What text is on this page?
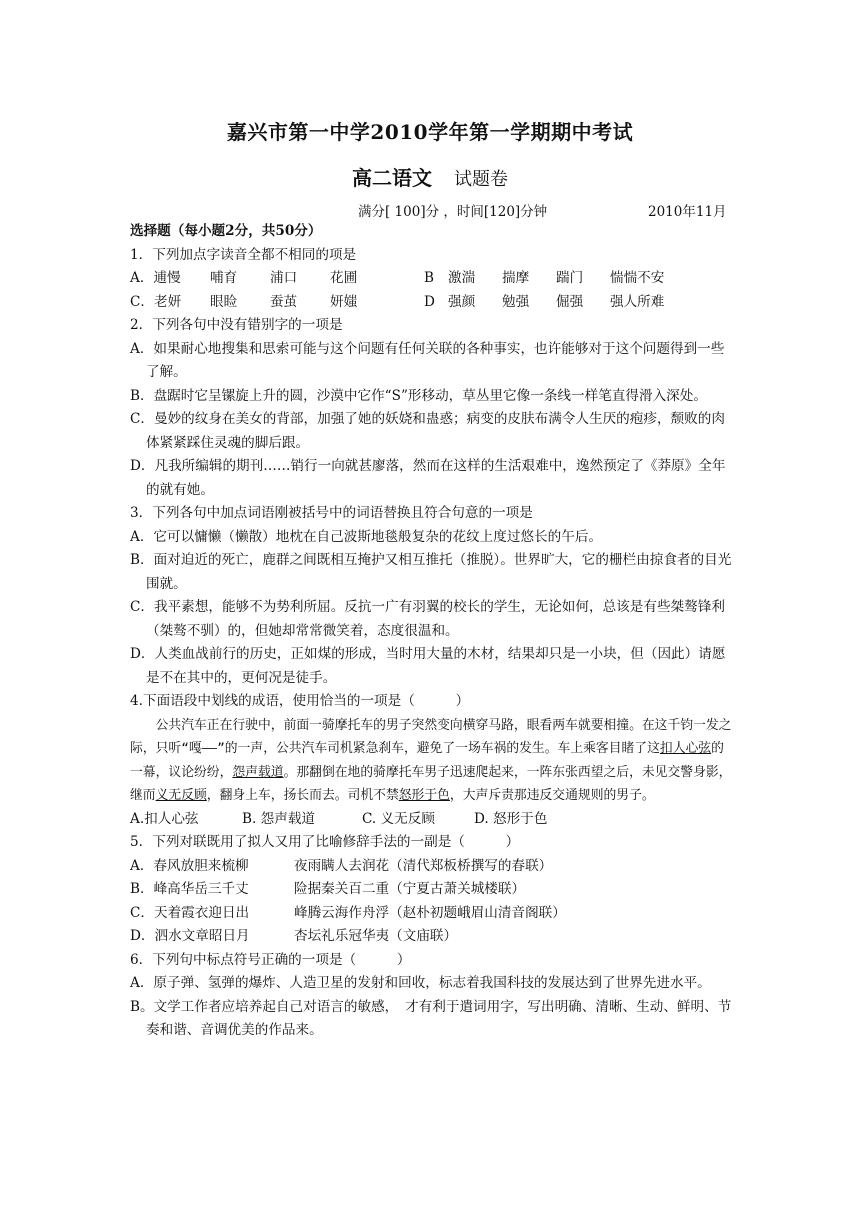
嘉兴市第一中学2010学年第一学期期中考试
高二语文 试题卷
满分[ 100]分 ，时间[120]分钟	2010年11月

选择题（每小题2分，共50分）

1．下列加点字读音全都不相同的项是

A．逋慢	哺育	浦口	花圃	B	激湍	揣摩	踹门	惴惴不安
C．老妍	眼睑	蚕茧	妍媸	D 强颜	勉强	倔强	强人所难

2．下列各句中没有错别字的一项是

A．如果耐心地搜集和思索可能与这个问题有任何关联的各种事实，也许能够对于这个问题得到一些了解。

B．盘踞时它呈镙旋上升的圆，沙漠中它作“S”形移动，草丛里它像一条线一样笔直得滑入深处。

C．曼妙的纹身在美女的背部，加强了她的妖娆和蛊惑；病变的皮肤布满令人生厌的疱疹，颓败的肉体紧紧踩住灵魂的脚后跟。

D．凡我所编辑的期刊……销行一向就甚廖落，然而在这样的生活艰难中，逸然预定了《莽原》全年的就有她。

3．下列各句中加点词语刚被括号中的词语替换且符合句意的一项是

A．它可以慵懒（懒散）地枕在自己波斯地毯般复杂的花纹上度过悠长的午后。

B．面对迫近的死亡，鹿群之间既相互掩护又相互推托（推脱）。世界旷大，它的栅栏由掠食者的目光围就。

C．我平素想，能够不为势利所屈。反抗一广有羽翼的校长的学生，无论如何，总该是有些桀骜锋利（桀骜不驯）的，但她却常常微笑着，态度很温和。

D．人类血战前行的历史，正如煤的形成，当时用大量的木材，结果却只是一小块，但（因此）请愿是不在其中的，更何况是徒手。

4.下面语段中划线的成语，使用恰当的一项是（　　　）

公共汽车正在行驶中，前面一骑摩托车的男子突然变向横穿马路，眼看两车就要相撞。在这千钧一发之际，只听“嘎——”的一声，公共汽车司机紧急刹车，避免了一场车祸的发生。车上乘客目睹了这扣人心弦的一幕，议论纷纷，怨声载道。那翻倒在地的骑摩托车男子迅速爬起来，一阵东张西望之后，未见交警身影，继而义无反顾，翻身上车，扬长而去。司机不禁怒形于色，大声斥责那违反交通规则的男子。

A.扣人心弦	B. 怨声载道	C. 义无反顾	D. 怒形于色

5．下列对联既用了拟人又用了比喻修辞手法的一副是（　　　）

A．春风放胆来梳柳	夜雨瞒人去润花（清代郑板桥撰写的春联）
B．峰高华岳三千丈	险据秦关百二重（宁夏古萧关城楼联）
C．天着霞衣迎日出	峰腾云海作舟浮（赵朴初题峨眉山清音阁联）
D．泗水文章昭日月	杏坛礼乐冠华夷（文庙联）

6．下列句中标点符号正确的一项是（　　　）

A．原子弹、氢弹的爆炸、人造卫星的发射和回收，标志着我国科技的发展达到了世界先进水平。

B。文学工作者应培养起自己对语言的敏感，　才有利于遣词用字，写出明确、清晰、生动、鲜明、节奏和谐、音调优美的作品来。
